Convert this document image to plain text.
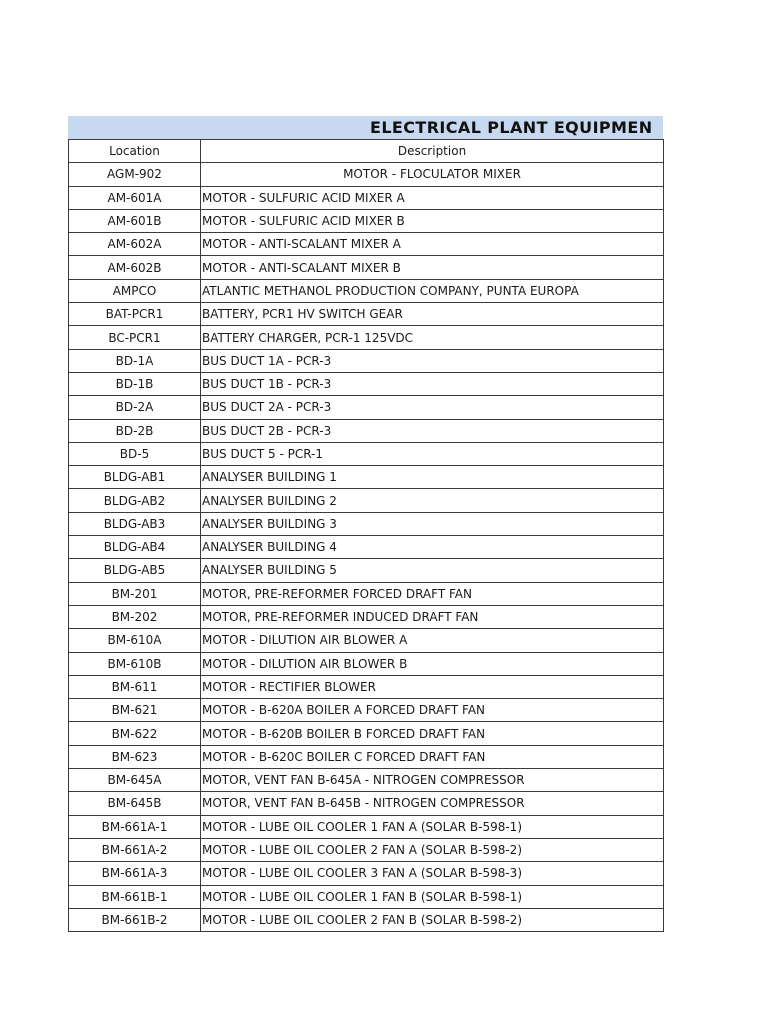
ELECTRICAL PLANT EQUIPMEN
Location	Description
AGM-902	MOTOR - FLOCULATOR MIXER
AM-601A	MOTOR - SULFURIC ACID MIXER A
AM-601B	MOTOR - SULFURIC ACID MIXER B
AM-602A	MOTOR - ANTI-SCALANT MIXER A
AM-602B	MOTOR - ANTI-SCALANT MIXER B
AMPCO	ATLANTIC METHANOL PRODUCTION COMPANY, PUNTA EUROPA
BAT-PCR1	BATTERY, PCR1 HV SWITCH GEAR
BC-PCR1	BATTERY CHARGER, PCR-1 125VDC
BD-1A	BUS DUCT 1A - PCR-3
BD-1B	BUS DUCT 1B - PCR-3
BD-2A	BUS DUCT 2A - PCR-3
BD-2B	BUS DUCT 2B - PCR-3
BD-5	BUS DUCT 5 - PCR-1
BLDG-AB1	ANALYSER BUILDING 1
BLDG-AB2	ANALYSER BUILDING 2
BLDG-AB3	ANALYSER BUILDING 3
BLDG-AB4	ANALYSER BUILDING 4
BLDG-AB5	ANALYSER BUILDING 5
BM-201	MOTOR, PRE-REFORMER FORCED DRAFT FAN
BM-202	MOTOR, PRE-REFORMER INDUCED DRAFT FAN
BM-610A	MOTOR - DILUTION AIR BLOWER A
BM-610B	MOTOR - DILUTION AIR BLOWER B
BM-611	MOTOR - RECTIFIER BLOWER
BM-621	MOTOR - B-620A BOILER A FORCED DRAFT FAN
BM-622	MOTOR - B-620B BOILER B FORCED DRAFT FAN
BM-623	MOTOR - B-620C BOILER C FORCED DRAFT FAN
BM-645A	MOTOR, VENT FAN B-645A - NITROGEN COMPRESSOR
BM-645B	MOTOR, VENT FAN B-645B - NITROGEN COMPRESSOR
BM-661A-1	MOTOR - LUBE OIL COOLER 1 FAN A (SOLAR B-598-1)
BM-661A-2	MOTOR - LUBE OIL COOLER 2 FAN A (SOLAR B-598-2)
BM-661A-3	MOTOR - LUBE OIL COOLER 3 FAN A (SOLAR B-598-3)
BM-661B-1	MOTOR - LUBE OIL COOLER 1 FAN B (SOLAR B-598-1)
BM-661B-2	MOTOR - LUBE OIL COOLER 2 FAN B (SOLAR B-598-2)
